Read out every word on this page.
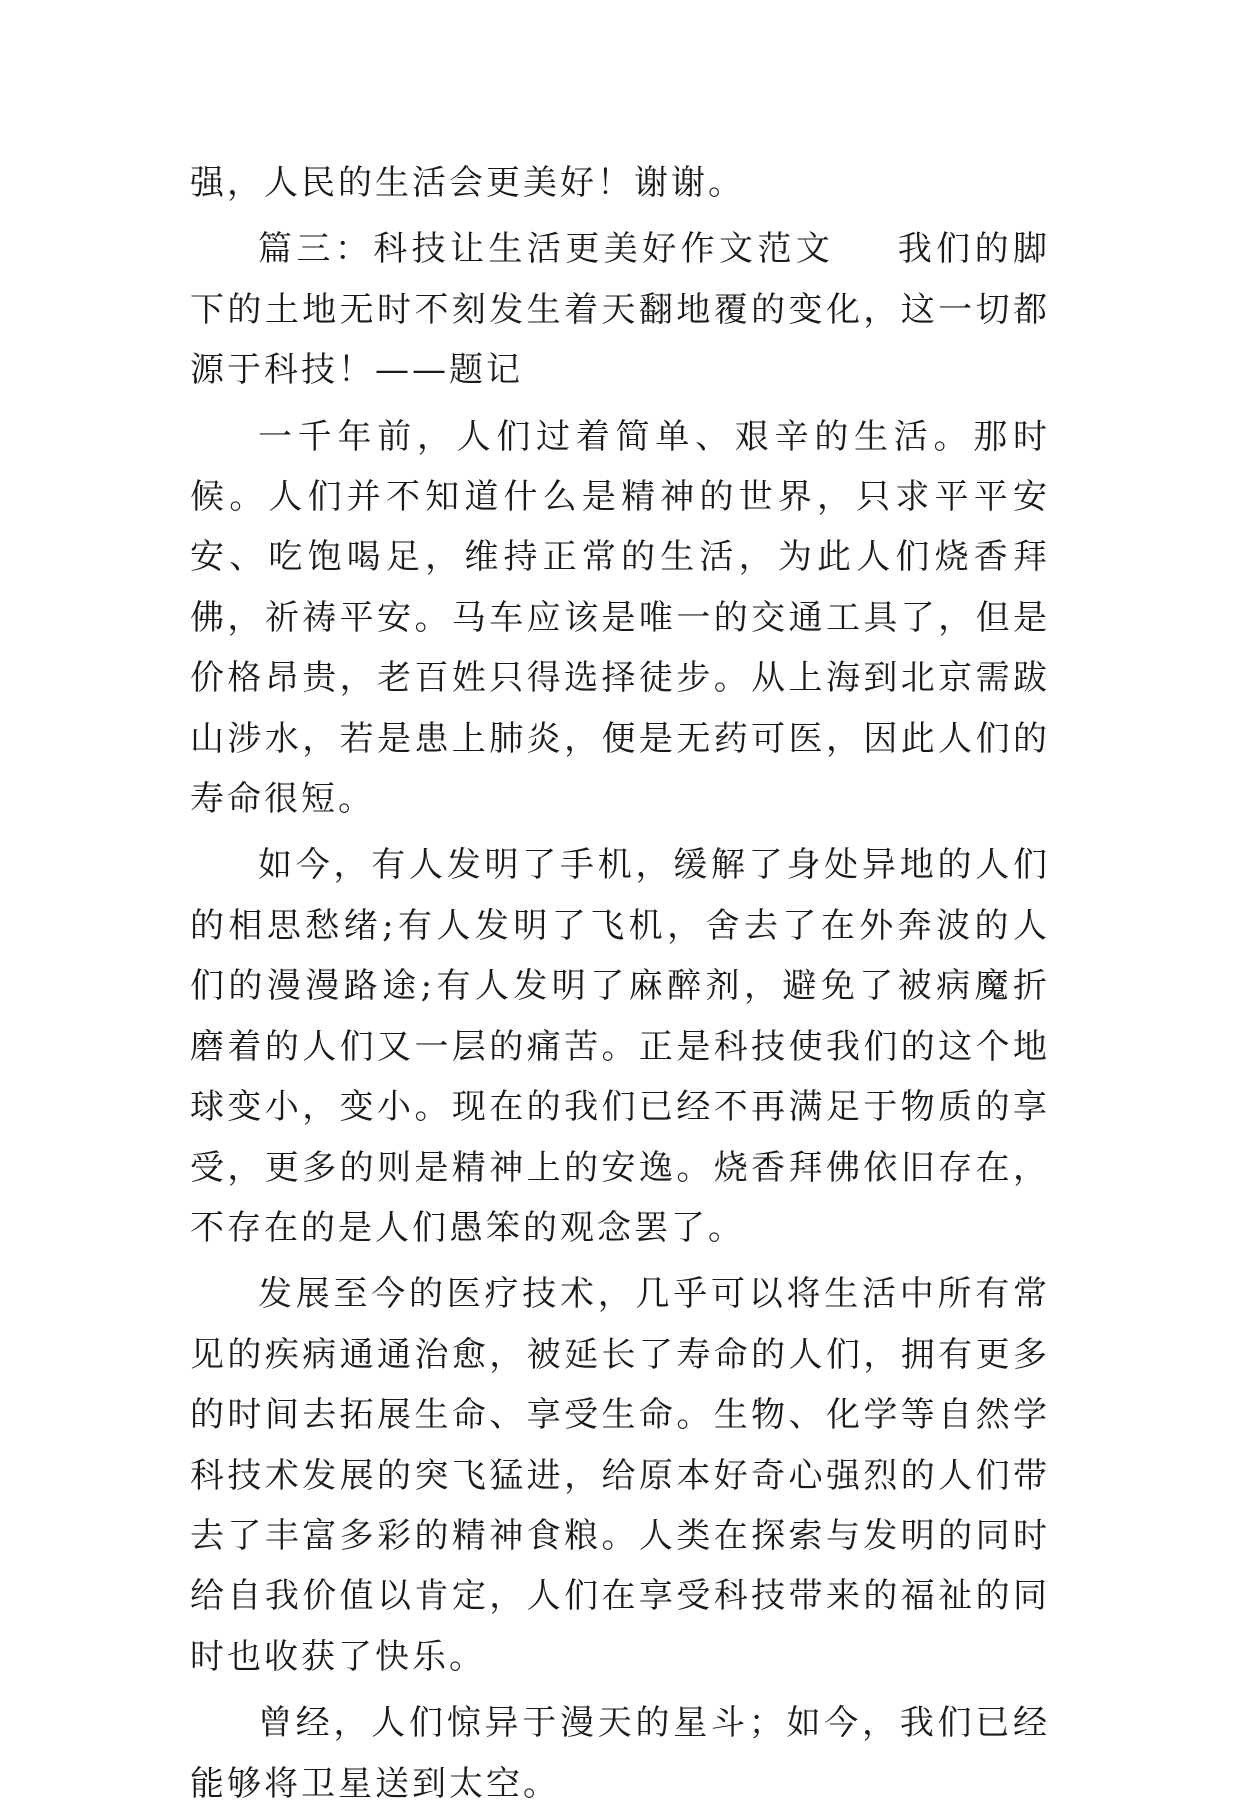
强，人民的生活会更美好！谢谢。

篇三：科技让生活更美好作文范文 我们的脚下的土地无时不刻发生着天翻地覆的变化，这一切都源于科技！——题记

一千年前，人们过着简单、艰辛的生活。那时候。人们并不知道什么是精神的世界，只求平平安安、吃饱喝足，维持正常的生活，为此人们烧香拜佛，祈祷平安。马车应该是唯一的交通工具了，但是价格昂贵，老百姓只得选择徒步。从上海到北京需跋山涉水，若是患上肺炎，便是无药可医，因此人们的寿命很短。

如今，有人发明了手机，缓解了身处异地的人们的相思愁绪;有人发明了飞机，舍去了在外奔波的人们的漫漫路途;有人发明了麻醉剂，避免了被病魔折磨着的人们又一层的痛苦。正是科技使我们的这个地球变小，变小。现在的我们已经不再满足于物质的享受，更多的则是精神上的安逸。烧香拜佛依旧存在，不存在的是人们愚笨的观念罢了。

发展至今的医疗技术，几乎可以将生活中所有常见的疾病通通治愈，被延长了寿命的人们，拥有更多的时间去拓展生命、享受生命。生物、化学等自然学科技术发展的突飞猛进，给原本好奇心强烈的人们带去了丰富多彩的精神食粮。人类在探索与发明的同时给自我价值以肯定，人们在享受科技带来的福祉的同时也收获了快乐。

曾经，人们惊异于漫天的星斗；如今，我们已经能够将卫星送到太空。
